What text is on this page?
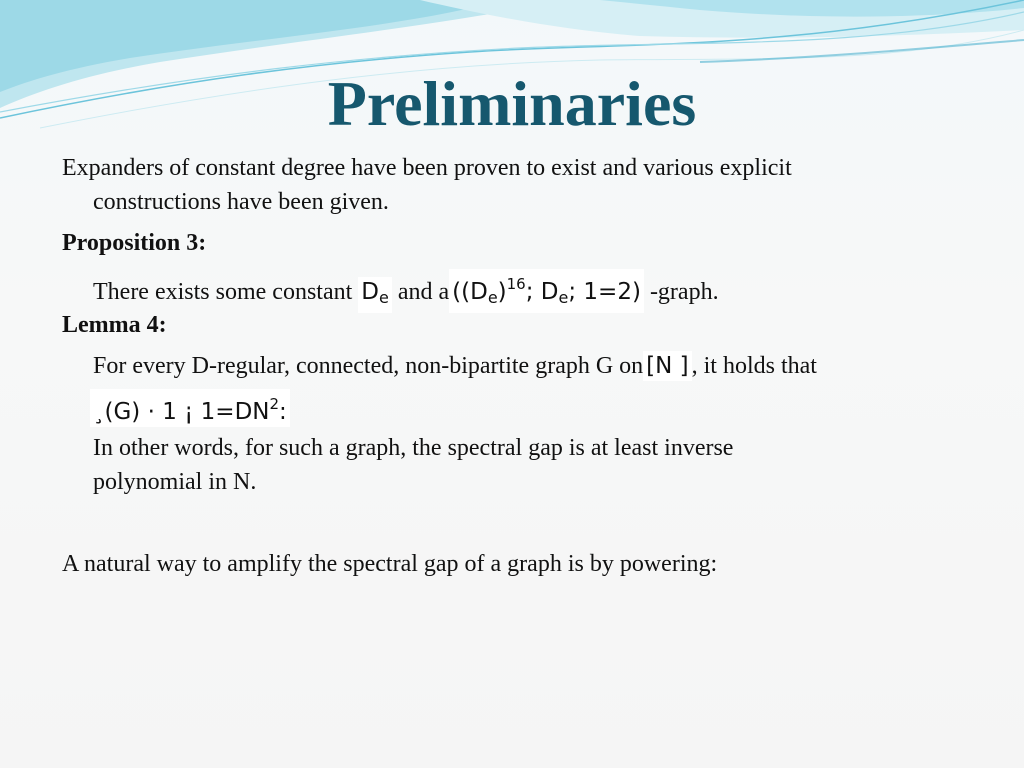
Preliminaries
Expanders of constant degree have been proven to exist and various explicit
constructions have been given.
Proposition 3:
There exists some constant $D_e$ and a ($(D_e)^{16}$; $D_e$; 1=2) -graph.
Lemma 4:
For every D-regular, connected, non-bipartite graph G on [N ] , it holds that
¸(G) · 1 ¡ $1=DN^2$:
In other words, for such a graph, the spectral gap is at least inverse
polynomial in N.
A natural way to amplify the spectral gap of a graph is by powering:
